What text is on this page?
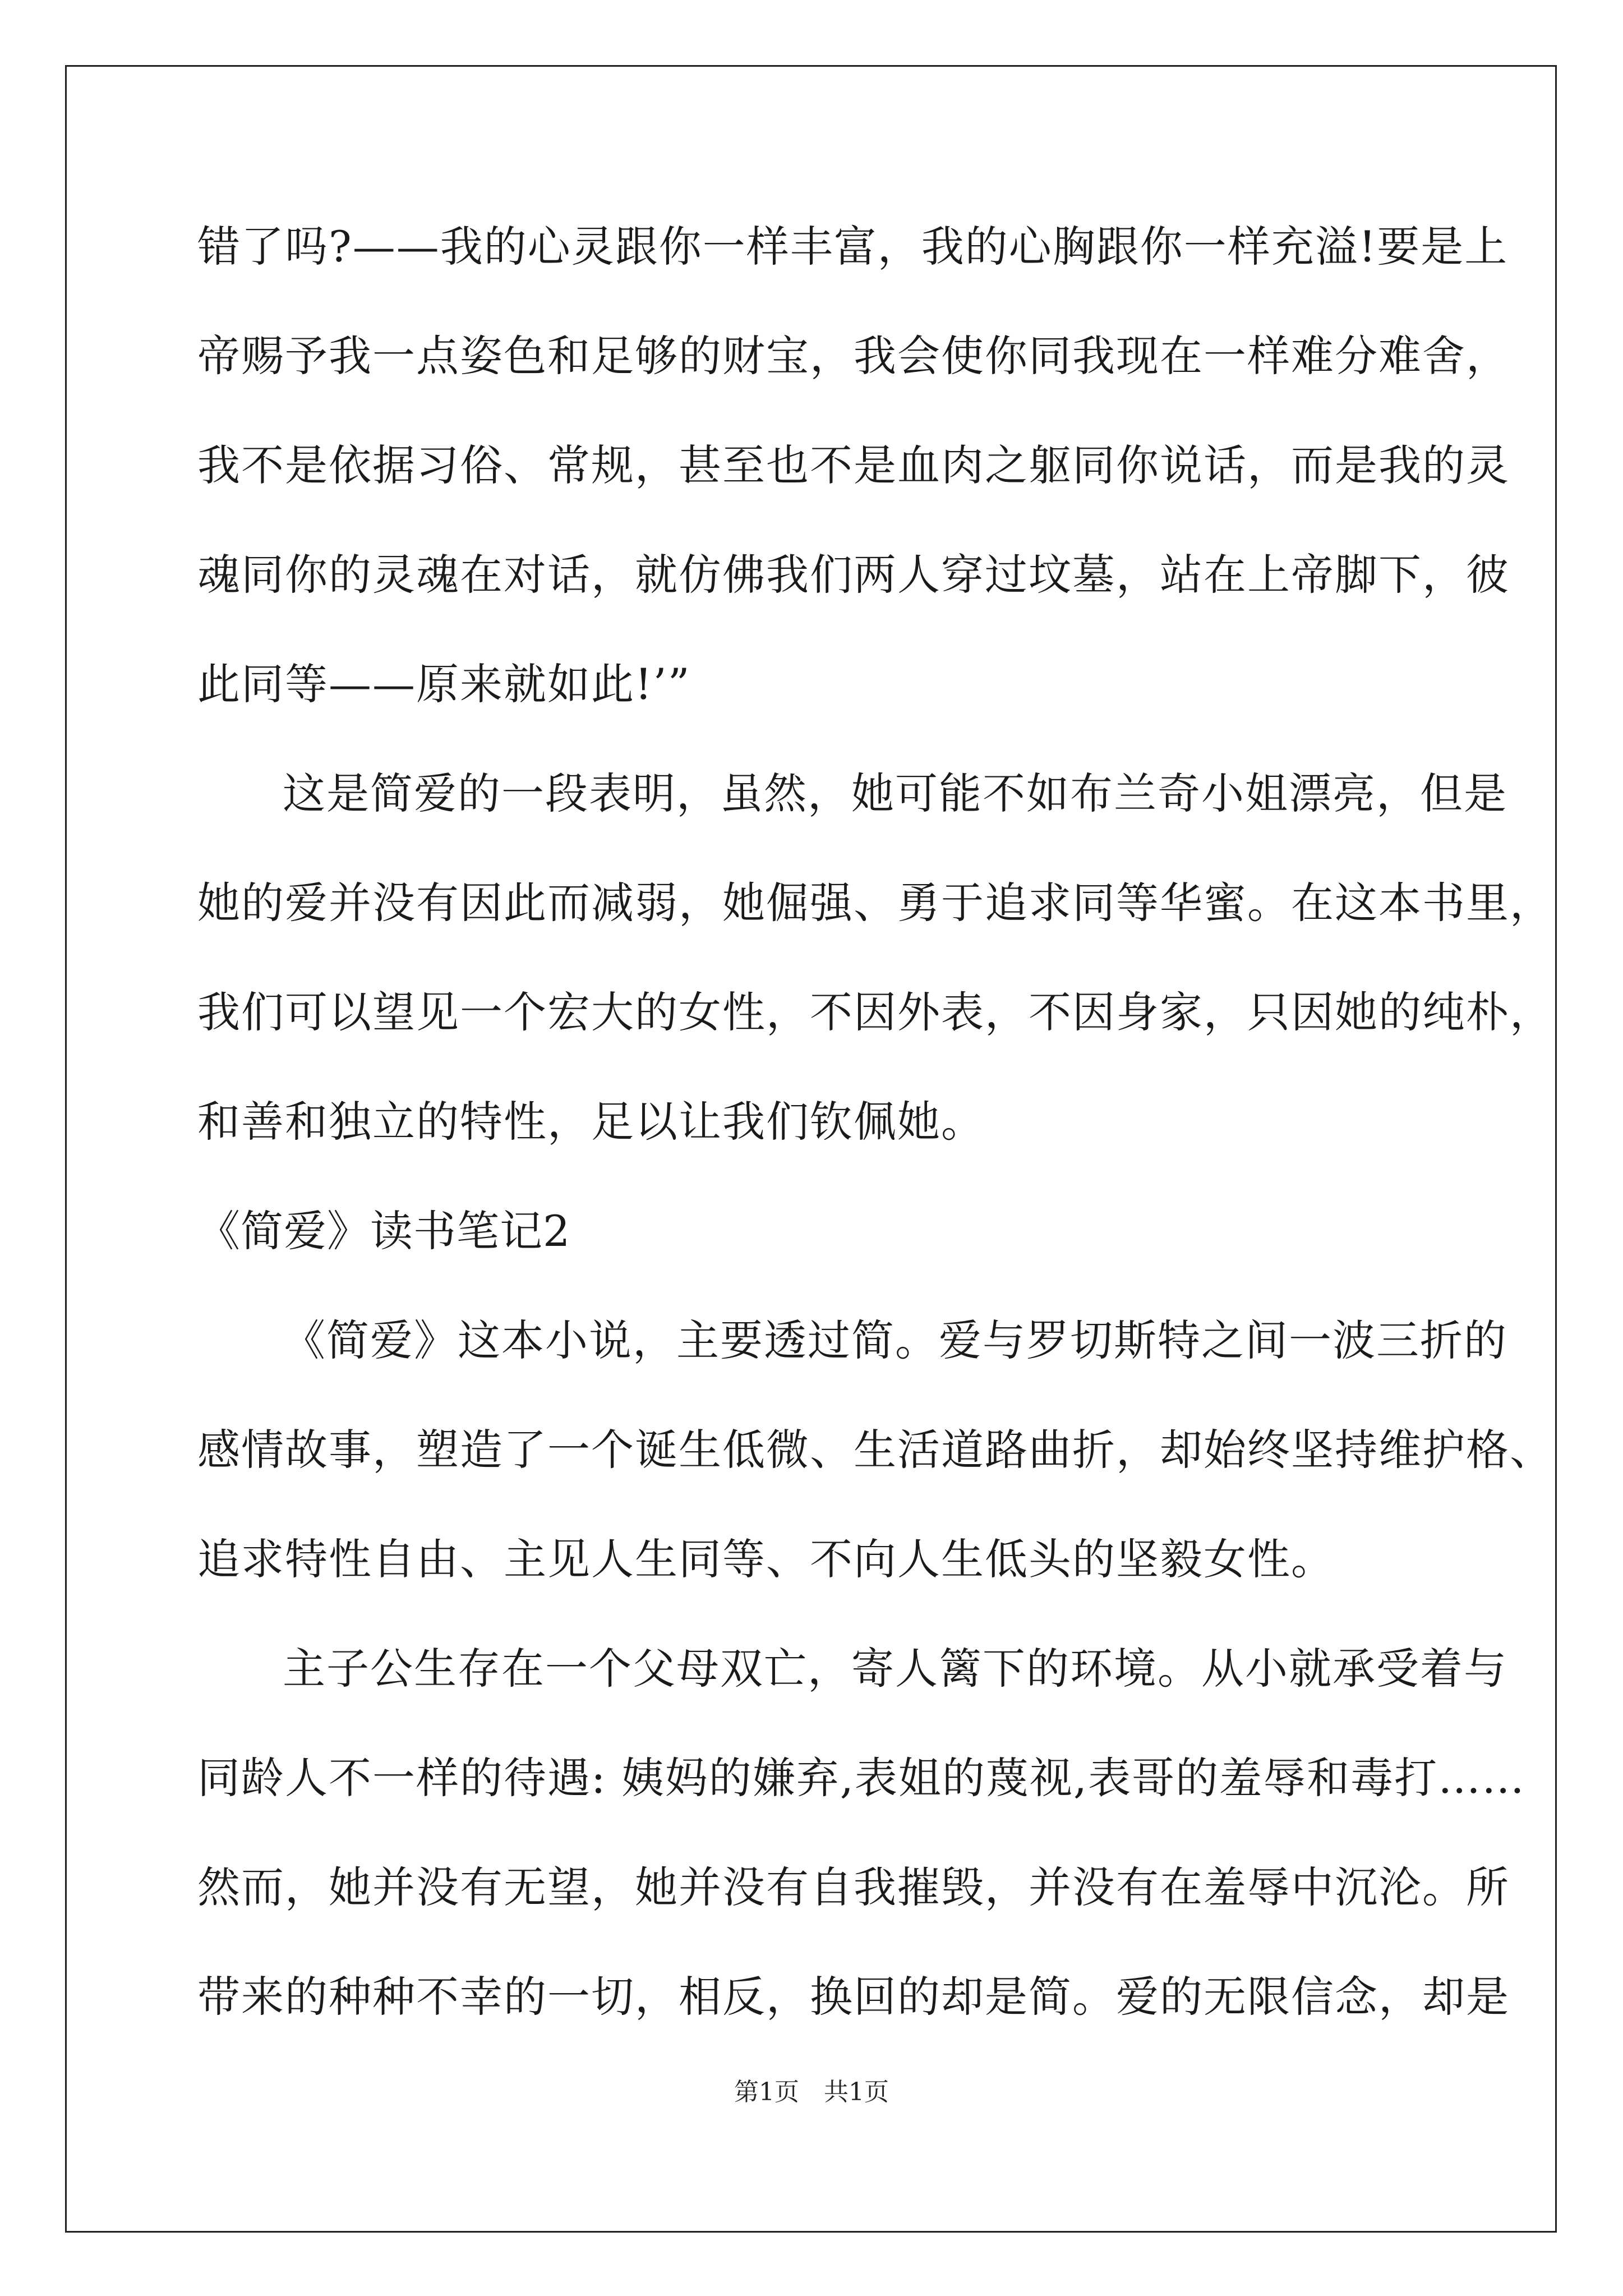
错了吗?——我的心灵跟你一样丰富，我的心胸跟你一样充溢!要是上
帝赐予我一点姿色和足够的财宝，我会使你同我现在一样难分难舍，
我不是依据习俗、常规，甚至也不是血肉之躯同你说话，而是我的灵
魂同你的灵魂在对话，就仿佛我们两人穿过坟墓，站在上帝脚下，彼
此同等——原来就如此!’”
这是简爱的一段表明，虽然，她可能不如布兰奇小姐漂亮，但是
她的爱并没有因此而减弱，她倔强、勇于追求同等华蜜。在这本书里，
我们可以望见一个宏大的女性，不因外表，不因身家，只因她的纯朴，
和善和独立的特性，足以让我们钦佩她。
《简爱》读书笔记2
《简爱》这本小说，主要透过简。爱与罗切斯特之间一波三折的
感情故事，塑造了一个诞生低微、生活道路曲折，却始终坚持维护格、
追求特性自由、主见人生同等、不向人生低头的坚毅女性。
主子公生存在一个父母双亡，寄人篱下的环境。从小就承受着与
同龄人不一样的待遇: 姨妈的嫌弃,表姐的蔑视,表哥的羞辱和毒打……
然而，她并没有无望，她并没有自我摧毁，并没有在羞辱中沉沦。所
带来的种种不幸的一切，相反，换回的却是简。爱的无限信念，却是
第1页　共1页
